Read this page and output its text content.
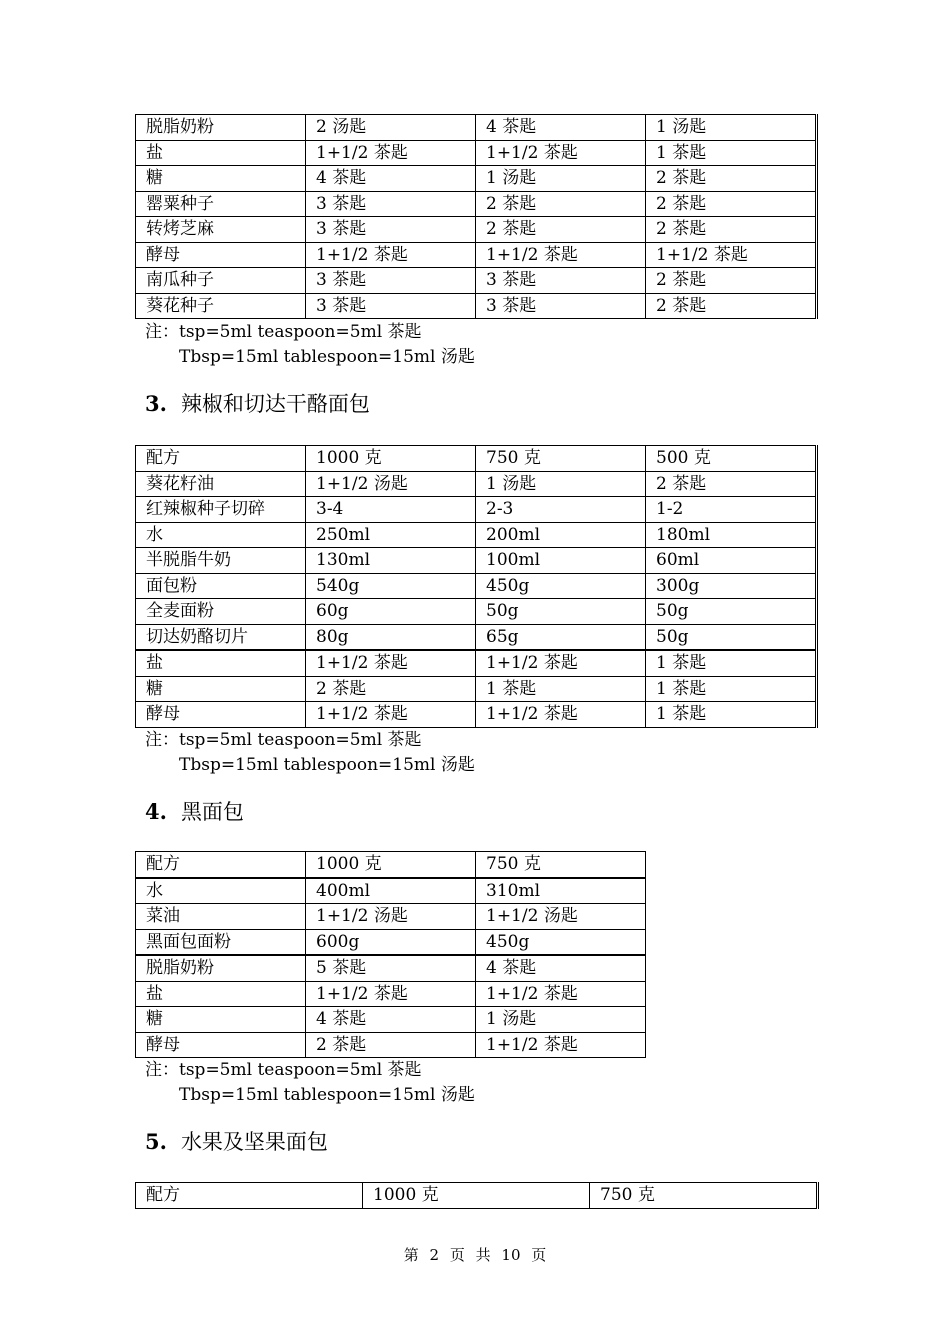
脱脂奶粉	2 汤匙	4 茶匙	1 汤匙
盐	1+1/2 茶匙	1+1/2 茶匙	1 茶匙
糖	4 茶匙	1 汤匙	2 茶匙
罂粟种子	3 茶匙	2 茶匙	2 茶匙
转烤芝麻	3 茶匙	2 茶匙	2 茶匙
酵母	1+1/2 茶匙	1+1/2 茶匙	1+1/2 茶匙
南瓜种子	3 茶匙	3 茶匙	2 茶匙
葵花种子	3 茶匙	3 茶匙	2 茶匙
注：tsp=5ml teaspoon=5ml 茶匙
Tbsp=15ml tablespoon=15ml 汤匙
3. 辣椒和切达干酪面包
配方	1000 克	750 克	500 克
葵花籽油	1+1/2 汤匙	1 汤匙	2 茶匙
红辣椒种子切碎	3-4	2-3	1-2
水	250ml	200ml	180ml
半脱脂牛奶	130ml	100ml	60ml
面包粉	540g	450g	300g
全麦面粉	60g	50g	50g
切达奶酪切片	80g	65g	50g
盐	1+1/2 茶匙	1+1/2 茶匙	1 茶匙
糖	2 茶匙	1 茶匙	1 茶匙
酵母	1+1/2 茶匙	1+1/2 茶匙	1 茶匙
注：tsp=5ml teaspoon=5ml 茶匙
Tbsp=15ml tablespoon=15ml 汤匙
4. 黑面包
配方	1000 克	750 克
水	400ml	310ml
菜油	1+1/2 汤匙	1+1/2 汤匙
黑面包面粉	600g	450g
脱脂奶粉	5 茶匙	4 茶匙
盐	1+1/2 茶匙	1+1/2 茶匙
糖	4 茶匙	1 汤匙
酵母	2 茶匙	1+1/2 茶匙
注：tsp=5ml teaspoon=5ml 茶匙
Tbsp=15ml tablespoon=15ml 汤匙
5. 水果及坚果面包
配方	1000 克	750 克
第 2 页 共 10 页
